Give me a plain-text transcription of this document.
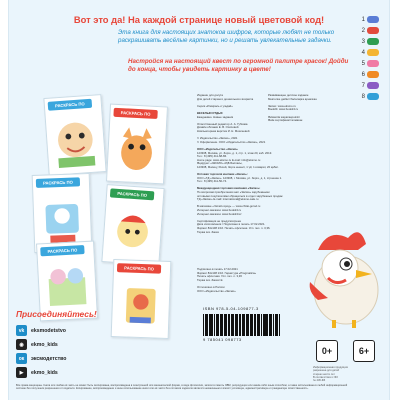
Вот это да! На каждой странице новый цветовой код!
Эта книга для настоящих знатоков шифров, которые любят не только раскрашивать весёлые картинки, но и решать увлекательные задачки.
Настройся на настоящий квест по огромной палитре красок! Дойди до конца, чтобы увидеть картинку в цвете!
1
2
3
4
5
6
7
8
РАСКРАСЬ ПО ЦВЕТАМ	РАСКРАСЬ ПО ЦВЕТАМ
РАСКРАСЬ ПО ЦВЕТАМ	РАСКРАСЬ ПО ЦВЕТАМ
РАСКРАСЬ ПО ЦВЕТАМ
РАСКРАСЬ ПО ЦВЕТАМ
Издание для досуга
Для детей старшего дошкольного возраста
Серия «Раскрась и угадай»
ВЕСЕЛЫЙ ОТДЫХ
Ежедневно. Новые задания
Ответственный редактор А. А. Губкова
Дизайн обложки Е. В. Осиповой
Компьютерная верстка И. Н. Моисеевой
© Издательство «Эксмо», 2021
© Оформление. ООО «Издательство «Эксмо», 2021
ООО «Издательство «Эксмо»
123308, Москва, ул. Зорге, д. 1, стр. 1, этаж 20, каб. 2013.
Тел.: 8 (495) 411-68-86.
Home page: www.eksmo.ru E-mail: info@eksmo.ru
Өндіруші: «ЭКСМО» АҚБ Баспасы,
123308, Мәскеу, Ресей, Зорге көшесі, 1 үй, 1 ғимарат, 20 қабат.
Оптовая торговля книгами «Эксмо»:
ООО «ТД «Эксмо». 123308, г. Москва, ул. Зорге, д. 1, строение 1.
Тел.: 8 (495) 411-50-74.
Международная торговая компания «Эксмо»:
По вопросам приобретения книг «Эксмо» зарубежными
оптовыми покупателями обращаться в отдел зарубежных продаж
ТД «Эксмо» E-mail: international@eksmo-sale.ru
В магазине «Читай-город» — www.chitai-gorod.ru
Интернет-магазин: www.book24.ru
Интернет-магазин: www.book24.kz
Сертификация не предусмотрена
Дата изготовления / Подписано в печать 17.02.2021.
Формат 84x108 1/16. Печать офсетная. Усл. печ. л. 3,36.
Тираж экз. Заказ
Развивающее детское издание
Мектепке дейінгі балаларға арналған
Эксмо: www.eksmo.ru
Book24: www.book24.ru
Әкімшілік жауапкершілігі
Өнім сертификатталмаған
Подписано в печать 17.02.2021
Формат 84x108 1/16. Гарнитура «Pragmatica»
Печать офсетная. Усл. печ. л. 3,36
Тираж экз. Заказ №
Отпечатано в России
ООО «Издательство «Эксмо»
ISBN 978-5-04-109877-3
9 785041 098773
0+	6+
Информационная продукция
разрешена для детей
старше шести лет
В соответствии с ФЗ
№ 436-ФЗ
Присоединяйтесь!
vk	eksmodetstvo
◉	ekmo_kids
ок	эксмодетство
▶	ekmo_kids
Все права защищены. Книга или любая её часть не может быть скопирована, воспроизведена в электронной или механической форме, в виде фотокопии, записи в память ЭВМ, репродукции или каким-либо иным способом, а также использована в любой информационной системе без получения разрешения от издателя. Копирование, воспроизведение и иное использование книги или её части без согласия издателя является незаконным и влечёт уголовную, административную и гражданскую ответственность.
